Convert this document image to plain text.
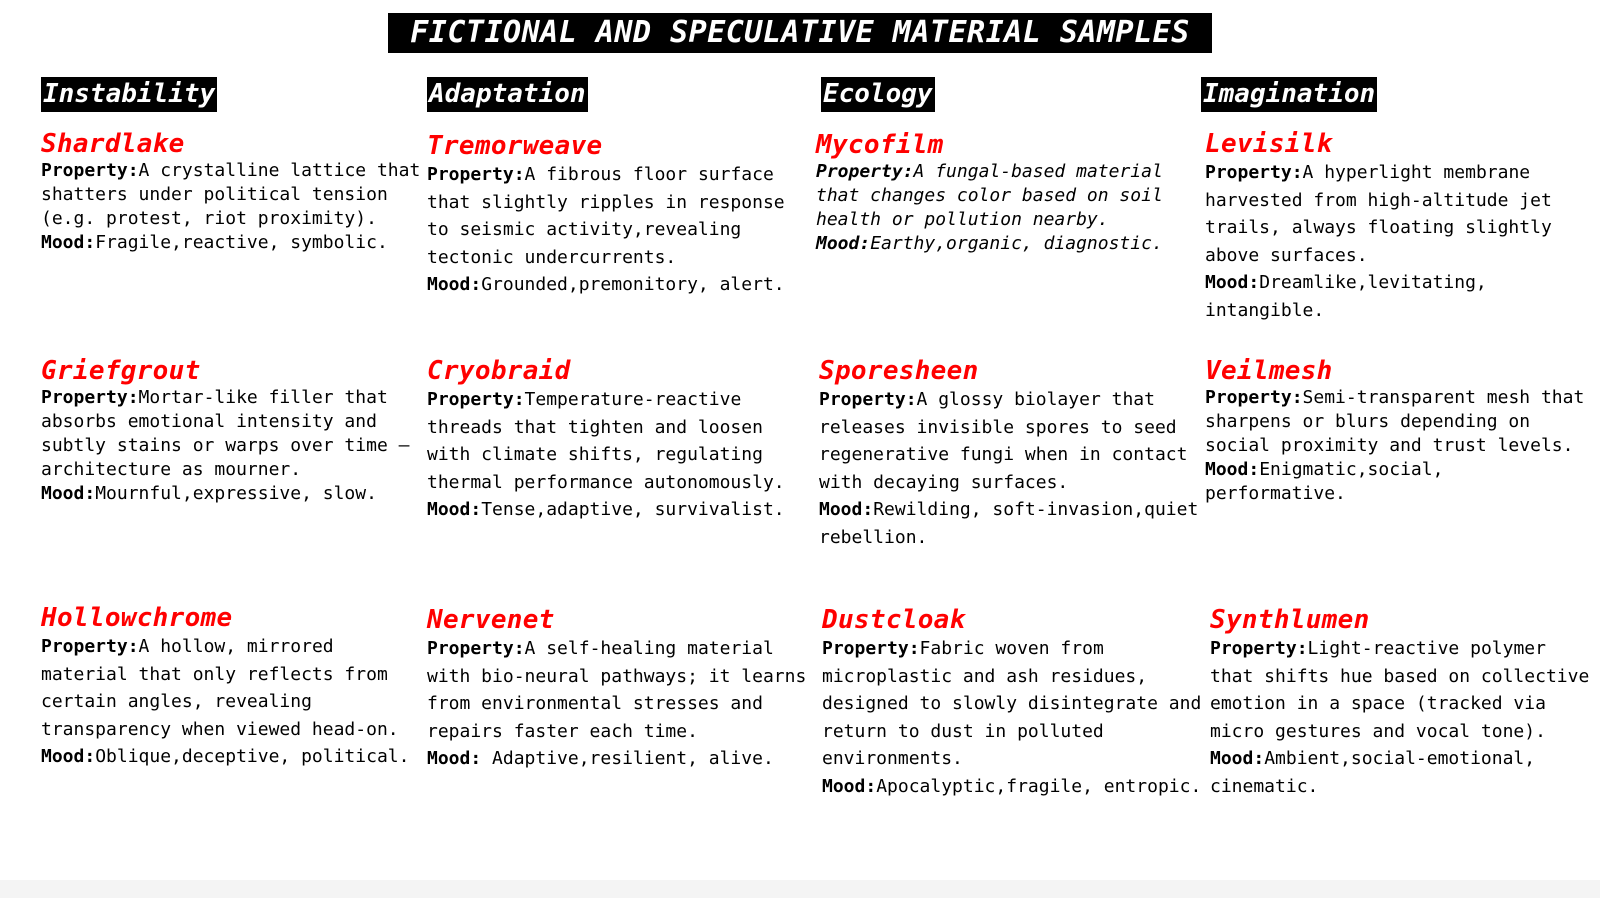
FICTIONAL AND SPECULATIVE MATERIAL SAMPLES
Instability	Adaptation	Ecology	Imagination
Shardlake
Property:A crystalline lattice that shatters under political tension (e.g. protest, riot proximity).
Mood:Fragile,reactive, symbolic.
Griefgrout
Property:Mortar-like filler that absorbs emotional intensity and subtly stains or warps over time — architecture as mourner.
Mood:Mournful,expressive, slow.
Hollowchrome
Property:A hollow, mirrored material that only reflects from certain angles, revealing transparency when viewed head-on.
Mood:Oblique,deceptive, political.
Tremorweave
Property:A fibrous floor surface that slightly ripples in response to seismic activity,revealing tectonic undercurrents.
Mood:Grounded,premonitory, alert.
Cryobraid
Property:Temperature-reactive threads that tighten and loosen with climate shifts, regulating thermal performance autonomously.
Mood:Tense,adaptive, survivalist.
Nervenet
Property:A self-healing material with bio-neural pathways; it learns from environmental stresses and repairs faster each time.
Mood: Adaptive,resilient, alive.
Mycofilm
Property:A fungal-based material that changes color based on soil health or pollution nearby.
Mood:Earthy,organic, diagnostic.
Sporesheen
Property:A glossy biolayer that releases invisible spores to seed regenerative fungi when in contact with decaying surfaces.
Mood:Rewilding, soft-invasion,quiet rebellion.
Dustcloak
Property:Fabric woven from microplastic and ash residues, designed to slowly disintegrate and return to dust in polluted environments.
Mood:Apocalyptic,fragile, entropic.
Levisilk
Property:A hyperlight membrane harvested from high-altitude jet trails, always floating slightly above surfaces.
Mood:Dreamlike,levitating, intangible.
Veilmesh
Property:Semi-transparent mesh that sharpens or blurs depending on social proximity and trust levels.
Mood:Enigmatic,social, performative.
Synthlumen
Property:Light-reactive polymer that shifts hue based on collective emotion in a space (tracked via micro gestures and vocal tone).
Mood:Ambient,social-emotional, cinematic.
